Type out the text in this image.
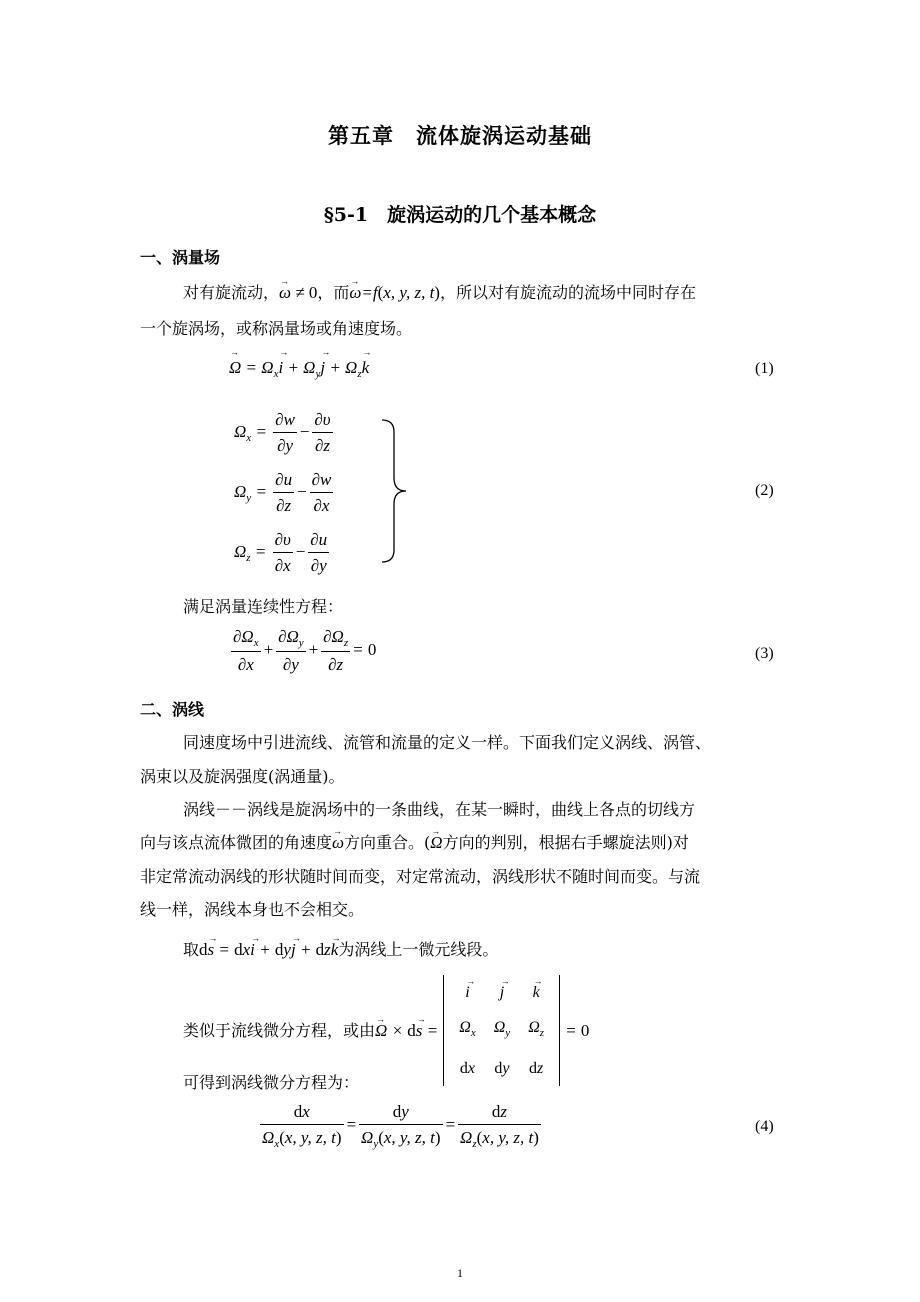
第五章　流体旋涡运动基础
§5-1　旋涡运动的几个基本概念
一、涡量场
对有旋流动，→ ω ≠ 0，而→ ω=f(x, y, z, t)，所以对有旋流动的流场中同时存在
一个旋涡场，或称涡量场或角速度场。
→ $\Omega = \Omega_x\to i + \Omega_y\to j + \Omega_z\to k$	(1)
$\Omega_x = \frac{\partial w}{\partial y} - \frac{\partial\upsilon}{\partial z}$
$\Omega_y = \frac{\partial u}{\partial z} - \frac{\partial w}{\partial x}$
$\Omega_z = \frac{\partial\upsilon}{\partial x} - \frac{\partial u}{\partial y}$
(2)
满足涡量连续性方程：
$\frac{\partial\Omega_x}{\partial x} + \frac{\partial\Omega_y}{\partial y} + \frac{\partial\Omega_z}{\partial z} = 0$	(3)
二、涡线
同速度场中引进流线、流管和流量的定义一样。下面我们定义涡线、涡管、
涡束以及旋涡强度(涡通量)。
涡线－－涡线是旋涡场中的一条曲线，在某一瞬时，曲线上各点的切线方
向与该点流体微团的角速度→ ω方向重合。(→ Ω方向的判别，根据右手螺旋法则)对
非定常流动涡线的形状随时间而变，对定常流动，涡线形状不随时间而变。与流
线一样，涡线本身也不会相交。
取d→ s = dx→ i + dy→ j + dz→ k为涡线上一微元线段。
类似于流线微分方程，或由→ Ω × d→ s =
→ i	→ j	→ k
$\Omega_x$	$\Omega_y$	$\Omega_z$
dx	dy	dz
= 0
可得到涡线微分方程为：
$\frac{dx}{\Omega_x(x, y, z, t)} = \frac{dy}{\Omega_y(x, y, z, t)} = \frac{dz}{\Omega_z(x, y, z, t)}$	(4)
1
